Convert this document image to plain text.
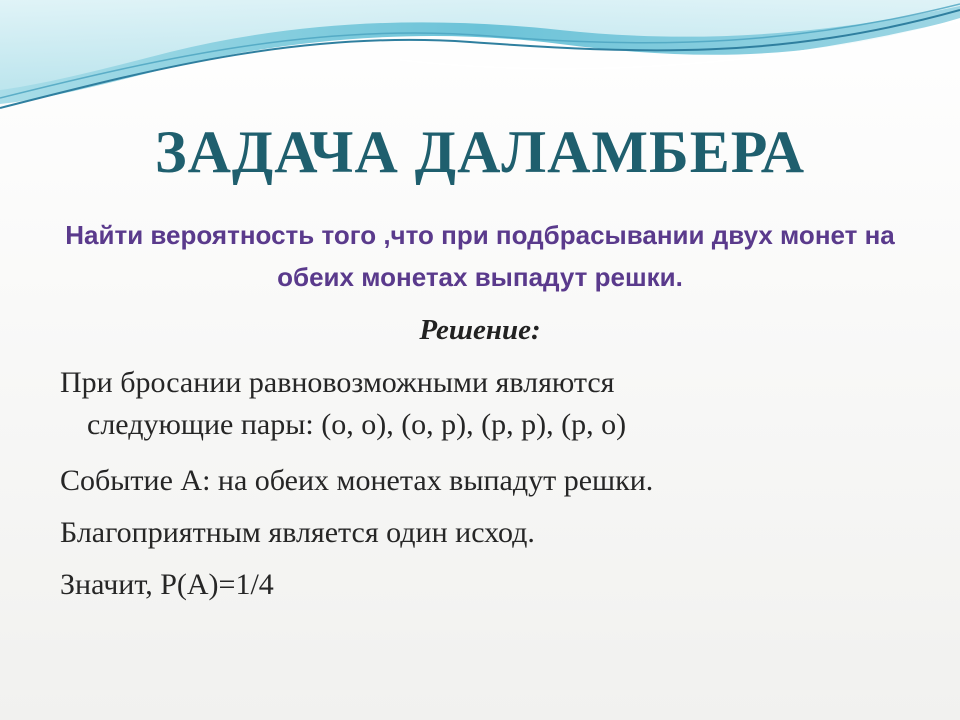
ЗАДАЧА ДАЛАМБЕРА

Найти вероятность того ,что при подбрасывании двух монет на обеих монетах выпадут решки.

Решение:

При бросании равновозможными являются
следующие пары: (о, о), (о, р), (р, р), (р, о)

Событие А: на обеих монетах выпадут решки.

Благоприятным является один исход.

Значит, Р(А)=1/4
